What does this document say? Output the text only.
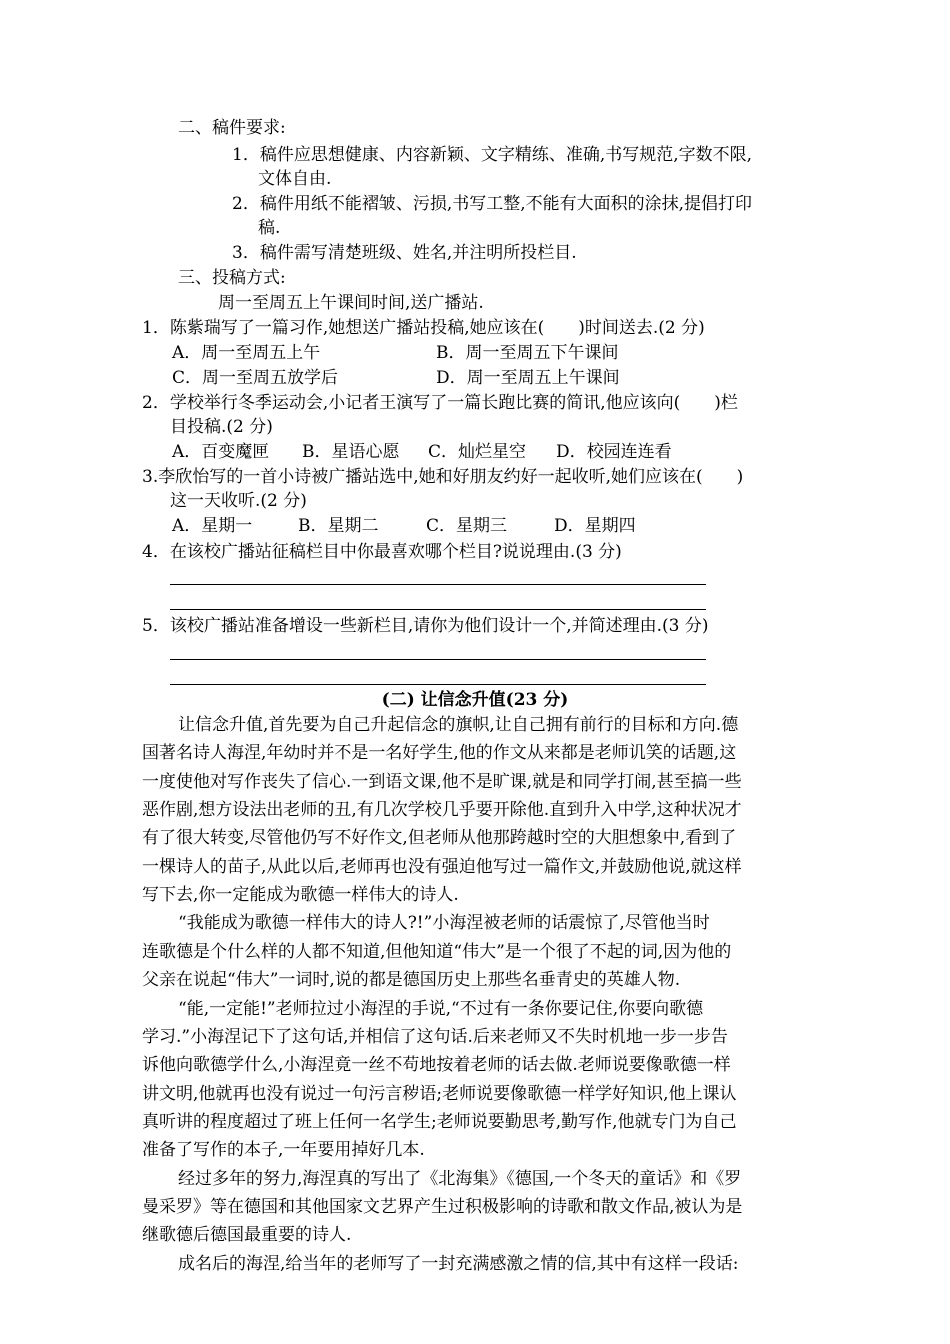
二、稿件要求:
1．稿件应思想健康、内容新颖、文字精练、准确,书写规范,字数不限,
文体自由.
2．稿件用纸不能褶皱、污损,书写工整,不能有大面积的涂抹,提倡打印
稿.
3．稿件需写清楚班级、姓名,并注明所投栏目.
三、投稿方式:
周一至周五上午课间时间,送广播站.
1．陈紫瑞写了一篇习作,她想送广播站投稿,她应该在(　　)时间送去.(2 分)
A．周一至周五上午	B．周一至周五下午课间
C．周一至周五放学后	D．周一至周五上午课间
2．学校举行冬季运动会,小记者王演写了一篇长跑比赛的简讯,他应该向(　　)栏
目投稿.(2 分)
A．百变魔匣 B．星语心愿 C．灿烂星空 D．校园连连看
3.李欣怡写的一首小诗被广播站选中,她和好朋友约好一起收听,她们应该在(　　)
这一天收听.(2 分)
A．星期一	B．星期二	C．星期三	D．星期四
4．在该校广播站征稿栏目中你最喜欢哪个栏目?说说理由.(3 分)
5．该校广播站准备增设一些新栏目,请你为他们设计一个,并简述理由.(3 分)
(二) 让信念升值(23 分)
让信念升值,首先要为自己升起信念的旗帜,让自己拥有前行的目标和方向.德
国著名诗人海涅,年幼时并不是一名好学生,他的作文从来都是老师讥笑的话题,这
一度使他对写作丧失了信心.一到语文课,他不是旷课,就是和同学打闹,甚至搞一些
恶作剧,想方设法出老师的丑,有几次学校几乎要开除他.直到升入中学,这种状况才
有了很大转变,尽管他仍写不好作文,但老师从他那跨越时空的大胆想象中,看到了
一棵诗人的苗子,从此以后,老师再也没有强迫他写过一篇作文,并鼓励他说,就这样
写下去,你一定能成为歌德一样伟大的诗人.
“我能成为歌德一样伟大的诗人?!”小海涅被老师的话震惊了,尽管他当时
连歌德是个什么样的人都不知道,但他知道“伟大”是一个很了不起的词,因为他的
父亲在说起“伟大”一词时,说的都是德国历史上那些名垂青史的英雄人物.
“能,一定能!”老师拉过小海涅的手说,“不过有一条你要记住,你要向歌德
学习.”小海涅记下了这句话,并相信了这句话.后来老师又不失时机地一步一步告
诉他向歌德学什么,小海涅竟一丝不苟地按着老师的话去做.老师说要像歌德一样
讲文明,他就再也没有说过一句污言秽语;老师说要像歌德一样学好知识,他上课认
真听讲的程度超过了班上任何一名学生;老师说要勤思考,勤写作,他就专门为自己
准备了写作的本子,一年要用掉好几本.
经过多年的努力,海涅真的写出了《北海集》《德国,一个冬天的童话》和《罗
曼采罗》等在德国和其他国家文艺界产生过积极影响的诗歌和散文作品,被认为是
继歌德后德国最重要的诗人.
成名后的海涅,给当年的老师写了一封充满感激之情的信,其中有这样一段话:
